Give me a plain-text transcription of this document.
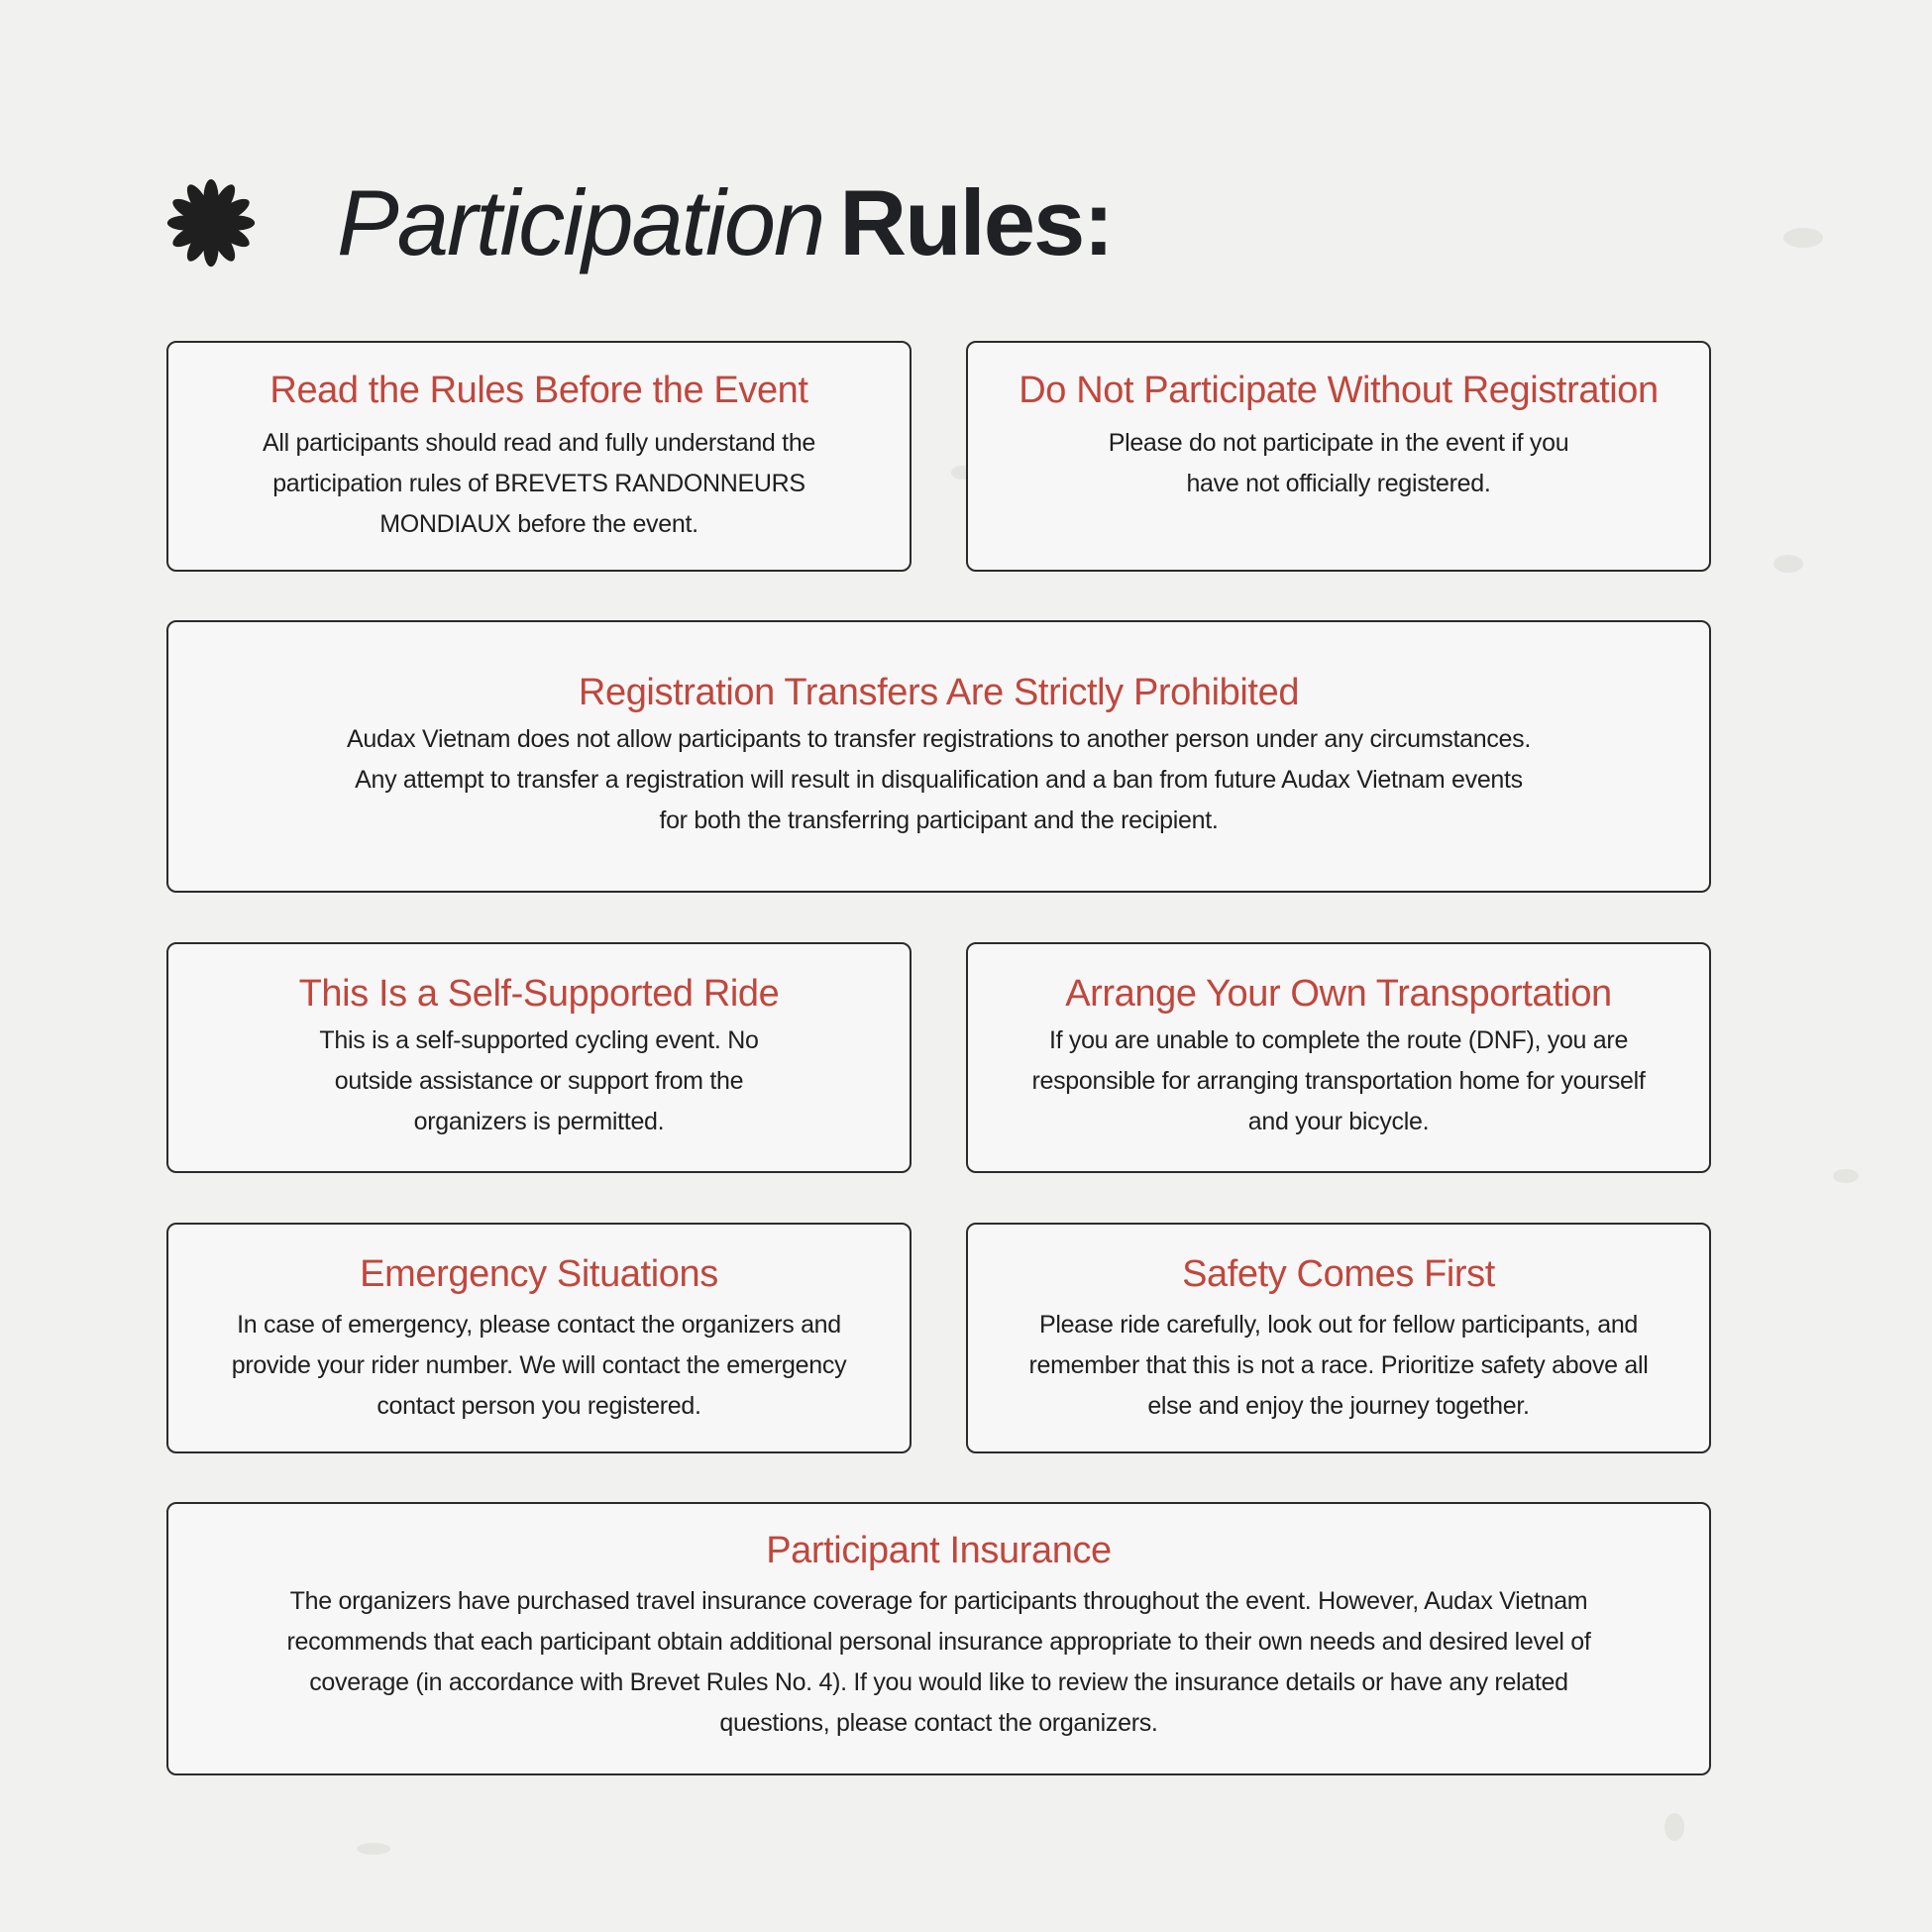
Participation Rules:
Read the Rules Before the Event

All participants should read and fully understand the participation rules of BREVETS RANDONNEURS MONDIAUX before the event.

Do Not Participate Without Registration

Please do not participate in the event if you have not officially registered.

Registration Transfers Are Strictly Prohibited

Audax Vietnam does not allow participants to transfer registrations to another person under any circumstances. Any attempt to transfer a registration will result in disqualification and a ban from future Audax Vietnam events for both the transferring participant and the recipient.

This Is a Self-Supported Ride

This is a self-supported cycling event. No outside assistance or support from the organizers is permitted.

Arrange Your Own Transportation

If you are unable to complete the route (DNF), you are responsible for arranging transportation home for yourself and your bicycle.

Emergency Situations

In case of emergency, please contact the organizers and provide your rider number. We will contact the emergency contact person you registered.

Safety Comes First

Please ride carefully, look out for fellow participants, and remember that this is not a race. Prioritize safety above all else and enjoy the journey together.

Participant Insurance

The organizers have purchased travel insurance coverage for participants throughout the event. However, Audax Vietnam recommends that each participant obtain additional personal insurance appropriate to their own needs and desired level of coverage (in accordance with Brevet Rules No. 4). If you would like to review the insurance details or have any related questions, please contact the organizers.
